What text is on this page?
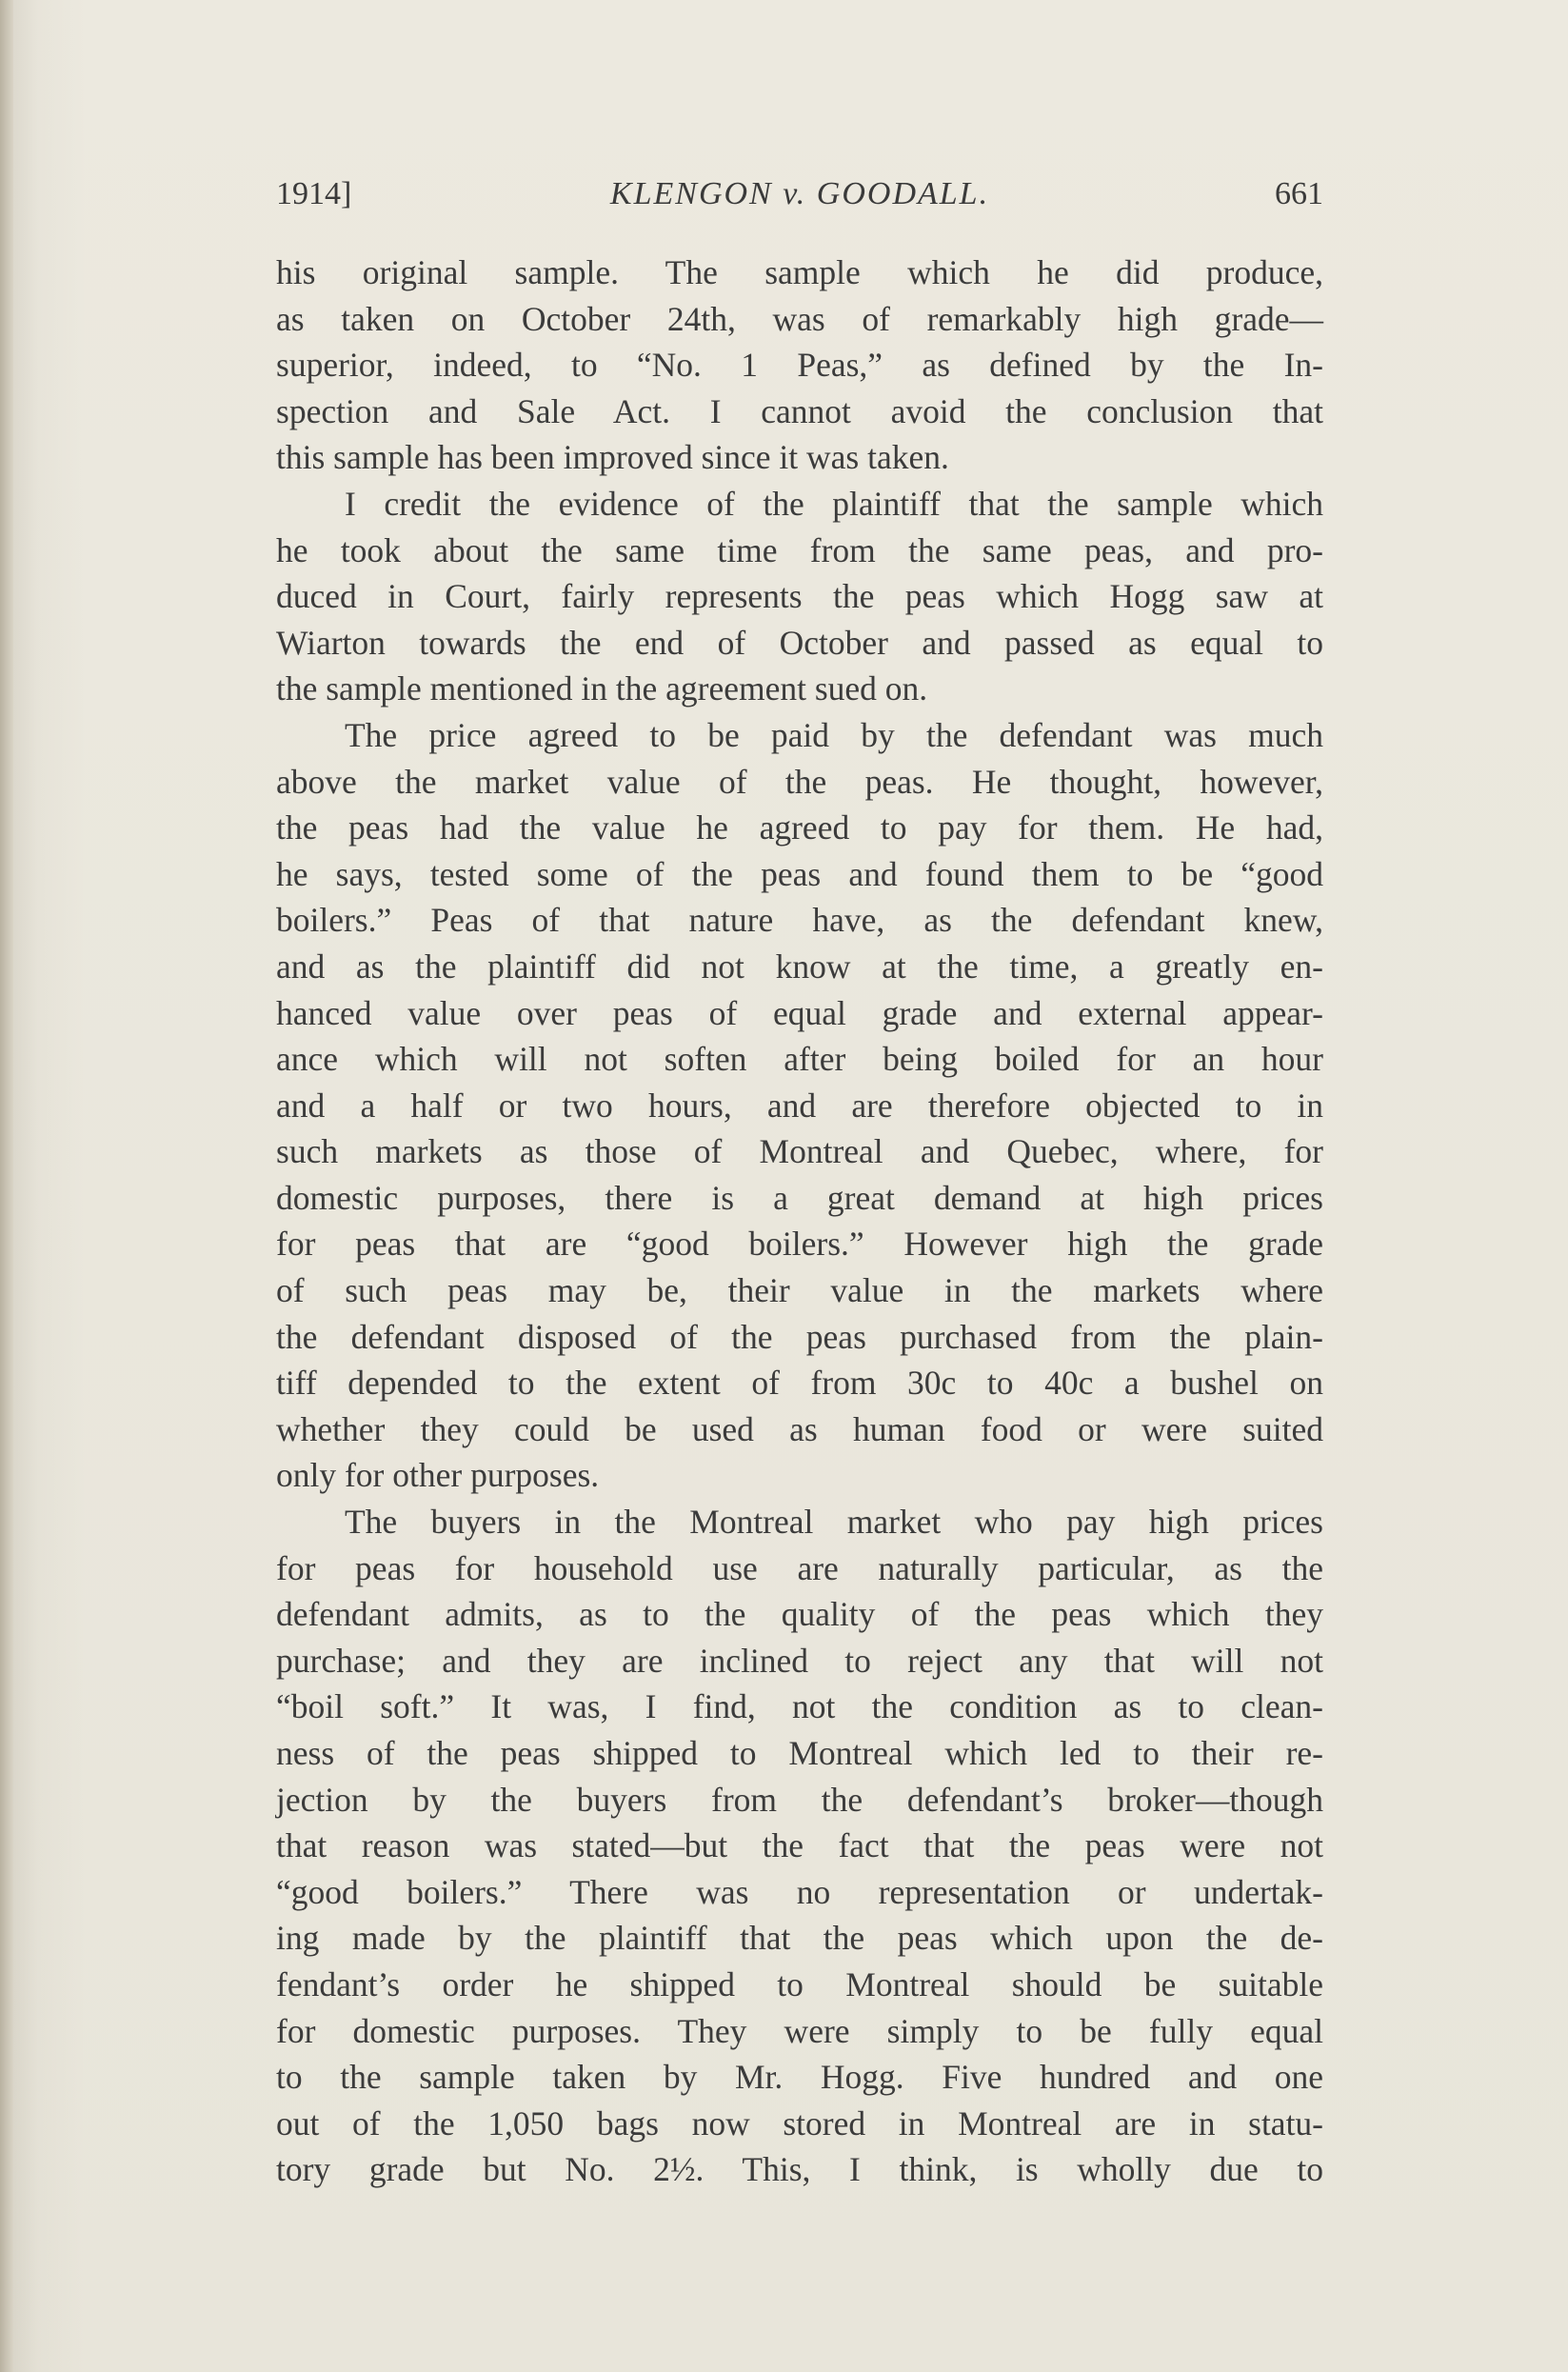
1914]	KLENGON v. GOODALL.	661
his original sample. The sample which he did produce,
as taken on October 24th, was of remarkably high grade—
superior, indeed, to “No. 1 Peas,” as defined by the In-
spection and Sale Act. I cannot avoid the conclusion that
this sample has been improved since it was taken.
I credit the evidence of the plaintiff that the sample which
he took about the same time from the same peas, and pro-
duced in Court, fairly represents the peas which Hogg saw at
Wiarton towards the end of October and passed as equal to
the sample mentioned in the agreement sued on.
The price agreed to be paid by the defendant was much
above the market value of the peas. He thought, however,
the peas had the value he agreed to pay for them. He had,
he says, tested some of the peas and found them to be “good
boilers.” Peas of that nature have, as the defendant knew,
and as the plaintiff did not know at the time, a greatly en-
hanced value over peas of equal grade and external appear-
ance which will not soften after being boiled for an hour
and a half or two hours, and are therefore objected to in
such markets as those of Montreal and Quebec, where, for
domestic purposes, there is a great demand at high prices
for peas that are “good boilers.” However high the grade
of such peas may be, their value in the markets where
the defendant disposed of the peas purchased from the plain-
tiff depended to the extent of from 30c to 40c a bushel on
whether they could be used as human food or were suited
only for other purposes.
The buyers in the Montreal market who pay high prices
for peas for household use are naturally particular, as the
defendant admits, as to the quality of the peas which they
purchase; and they are inclined to reject any that will not
“boil soft.” It was, I find, not the condition as to clean-
ness of the peas shipped to Montreal which led to their re-
jection by the buyers from the defendant’s broker—though
that reason was stated—but the fact that the peas were not
“good boilers.” There was no representation or undertak-
ing made by the plaintiff that the peas which upon the de-
fendant’s order he shipped to Montreal should be suitable
for domestic purposes. They were simply to be fully equal
to the sample taken by Mr. Hogg. Five hundred and one
out of the 1,050 bags now stored in Montreal are in statu-
tory grade but No. 2½. This, I think, is wholly due to
